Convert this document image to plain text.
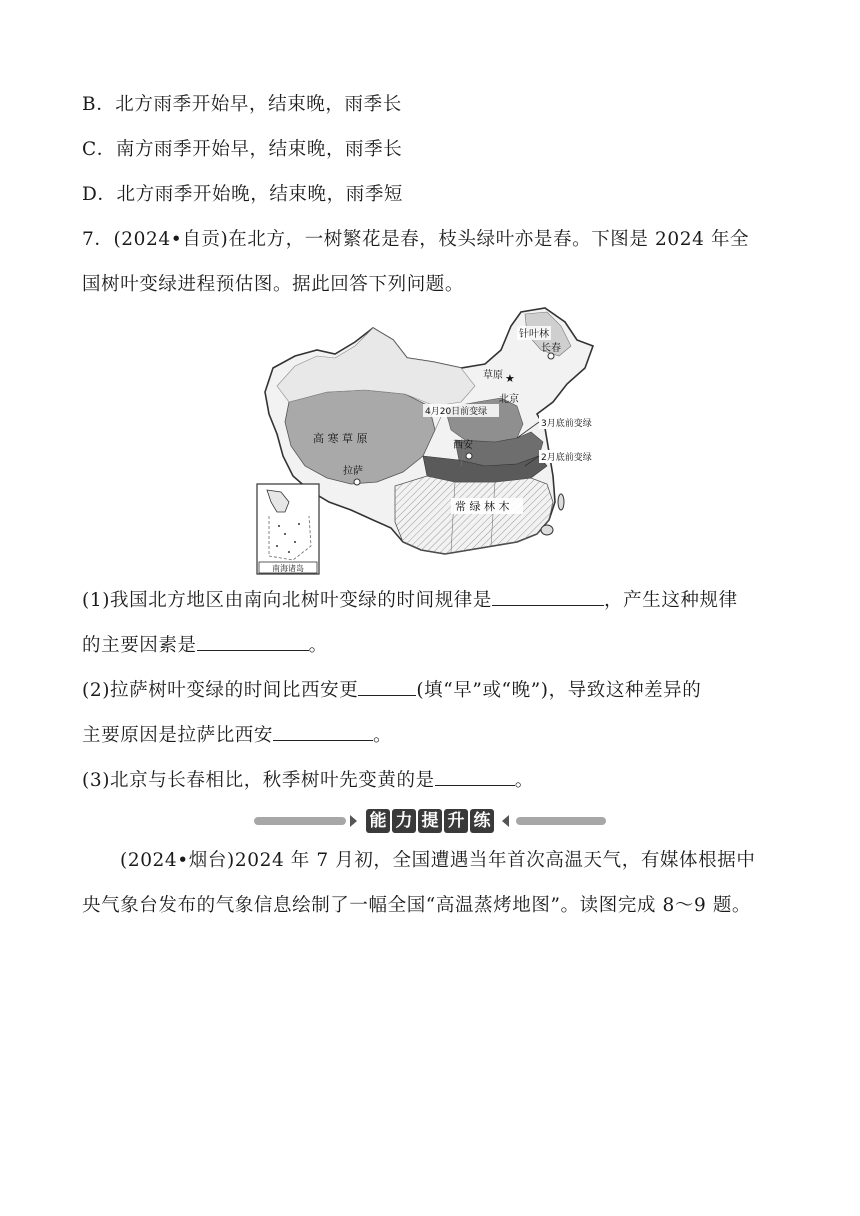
B．北方雨季开始早，结束晚，雨季长
C．南方雨季开始早，结束晚，雨季长
D．北方雨季开始晚，结束晚，雨季短
7．(2024•自贡)在北方，一树繁花是春，枝头绿叶亦是春。下图是 2024 年全
国树叶变绿进程预估图。据此回答下列问题。
南海诸岛
★
针叶林
长春
草原
北京
4月20日前变绿
3月底前变绿
西安
2月底前变绿
高 寒 草 原
拉萨
常 绿 林 木
(1)我国北方地区由南向北树叶变绿的时间规律是	，产生这种规律
的主要因素是	。
(2)拉萨树叶变绿的时间比西安更	(填“早”或“晚”)，导致这种差异的
主要原因是拉萨比西安	。
(3)北京与长春相比，秋季树叶先变黄的是	。
能 力 提 升 练
(2024•烟台)2024 年 7 月初，全国遭遇当年首次高温天气，有媒体根据中
央气象台发布的气象信息绘制了一幅全国“高温蒸烤地图”。读图完成 8～9 题。
